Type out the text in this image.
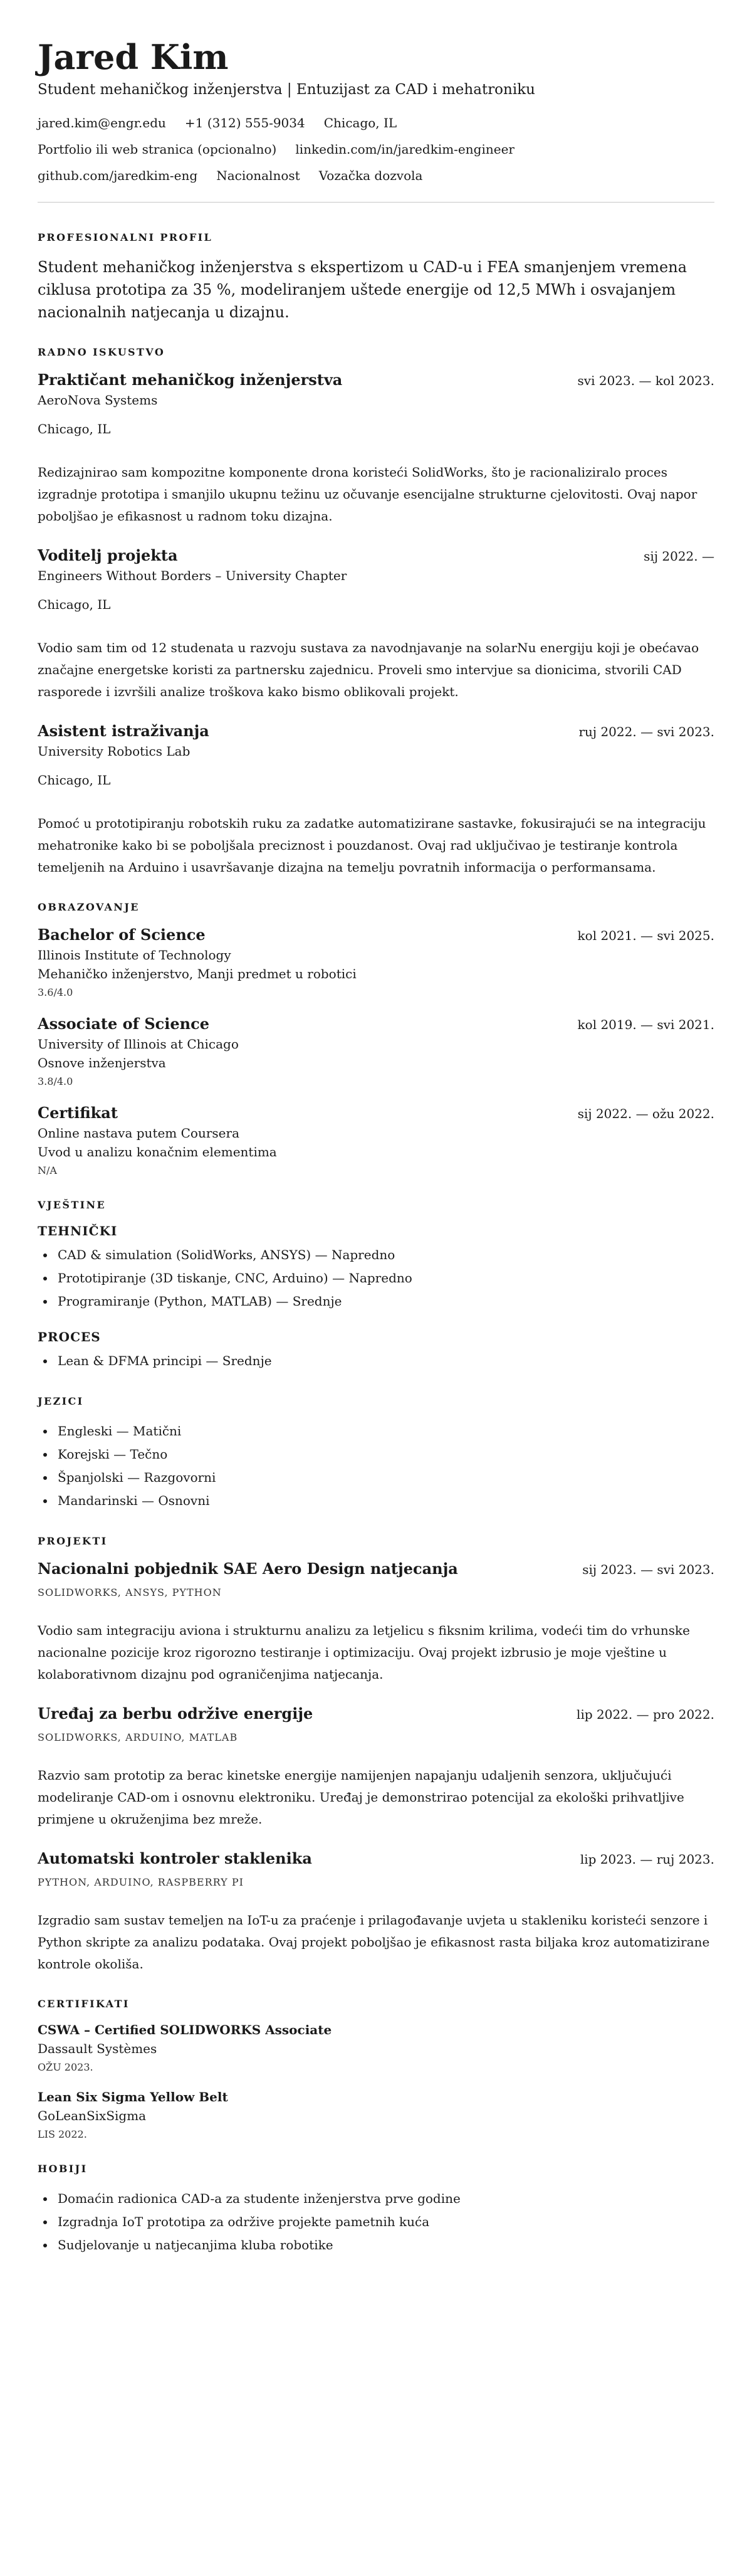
Jared Kim
Student mehaničkog inženjerstva | Entuzijast za CAD i mehatroniku
jared.kim@engr.edu +1 (312) 555-9034 Chicago, IL
Portfolio ili web stranica (opcionalno) linkedin.com/in/jaredkim-engineer
github.com/jaredkim-eng Nacionalnost Vozačka dozvola
PROFESIONALNI PROFIL

Student mehaničkog inženjerstva s ekspertizom u CAD-u i FEA smanjenjem vremena ciklusa prototipa za 35 %, modeliranjem uštede energije od 12,5 MWh i osvajanjem nacionalnih natjecanja u dizajnu.

RADNO ISKUSTVO
Praktičant mehaničkog inženjerstva	svi 2023. — kol 2023.
AeroNova Systems
Chicago, IL

Redizajnirao sam kompozitne komponente drona koristeći SolidWorks, što je racionaliziralo proces izgradnje prototipa i smanjilo ukupnu težinu uz očuvanje esencijalne strukturne cjelovitosti. Ovaj napor poboljšao je efikasnost u radnom toku dizajna.

Voditelj projekta	sij 2022. —
Engineers Without Borders – University Chapter
Chicago, IL

Vodio sam tim od 12 studenata u razvoju sustava za navodnjavanje na solarNu energiju koji je obećavao značajne energetske koristi za partnersku zajednicu. Proveli smo intervjue sa dionicima, stvorili CAD rasporede i izvršili analize troškova kako bismo oblikovali projekt.

Asistent istraživanja	ruj 2022. — svi 2023.
University Robotics Lab
Chicago, IL

Pomoć u prototipiranju robotskih ruku za zadatke automatizirane sastavke, fokusirajući se na integraciju mehatronike kako bi se poboljšala preciznost i pouzdanost. Ovaj rad uključivao je testiranje kontrola temeljenih na Arduino i usavršavanje dizajna na temelju povratnih informacija o performansama.

OBRAZOVANJE
Bachelor of Science	kol 2021. — svi 2025.
Illinois Institute of Technology
Mehaničko inženjerstvo, Manji predmet u robotici
3.6/4.0
Associate of Science	kol 2019. — svi 2021.
University of Illinois at Chicago
Osnove inženjerstva
3.8/4.0
Certifikat	sij 2022. — ožu 2022.
Online nastava putem Coursera
Uvod u analizu konačnim elementima
N/A
VJEŠTINE
TEHNIČKI
• CAD & simulation (SolidWorks, ANSYS) — Napredno
• Prototipiranje (3D tiskanje, CNC, Arduino) — Napredno
• Programiranje (Python, MATLAB) — Srednje
PROCES
• Lean & DFMA principi — Srednje
JEZICI
• Engleski — Matični
• Korejski — Tečno
• Španjolski — Razgovorni
• Mandarinski — Osnovni
PROJEKTI
Nacionalni pobjednik SAE Aero Design natjecanja	sij 2023. — svi 2023.
SOLIDWORKS, ANSYS, PYTHON

Vodio sam integraciju aviona i strukturnu analizu za letjelicu s fiksnim krilima, vodeći tim do vrhunske nacionalne pozicije kroz rigorozno testiranje i optimizaciju. Ovaj projekt izbrusio je moje vještine u kolaborativnom dizajnu pod ograničenjima natjecanja.

Uređaj za berbu održive energije	lip 2022. — pro 2022.
SOLIDWORKS, ARDUINO, MATLAB

Razvio sam prototip za berac kinetske energije namijenjen napajanju udaljenih senzora, uključujući modeliranje CAD-om i osnovnu elektroniku. Uređaj je demonstrirao potencijal za ekološki prihvatljive primjene u okruženjima bez mreže.

Automatski kontroler staklenika	lip 2023. — ruj 2023.
PYTHON, ARDUINO, RASPBERRY PI

Izgradio sam sustav temeljen na IoT-u za praćenje i prilagođavanje uvjeta u stakleniku koristeći senzore i Python skripte za analizu podataka. Ovaj projekt poboljšao je efikasnost rasta biljaka kroz automatizirane kontrole okoliša.

CERTIFIKATI
CSWA – Certified SOLIDWORKS Associate
Dassault Systèmes
OŽU 2023.
Lean Six Sigma Yellow Belt
GoLeanSixSigma
LIS 2022.
HOBIJI
• Domaćin radionica CAD-a za studente inženjerstva prve godine
• Izgradnja IoT prototipa za održive projekte pametnih kuća
• Sudjelovanje u natjecanjima kluba robotike
